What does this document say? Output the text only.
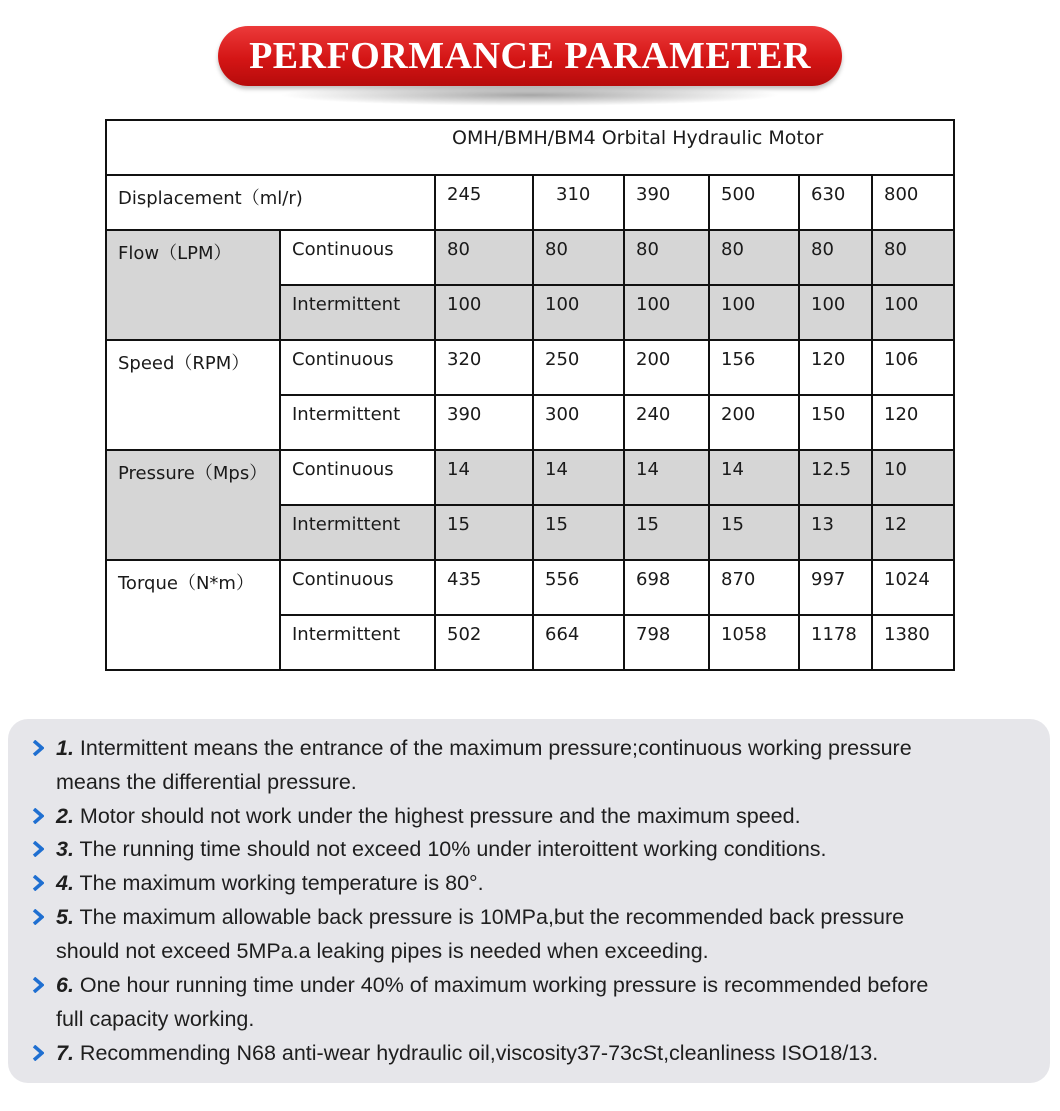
PERFORMANCE PARAMETER
OMH/BMH/BM4 Orbital Hydraulic Motor							

Displacement（ml/r)		245	310	390	500	630	800
Flow（LPM）	Continuous	80	80	80	80	80	80
	Intermittent	100	100	100	100	100	100
Speed（RPM）	Continuous	320	250	200	156	120	106
	Intermittent	390	300	240	200	150	120
Pressure（Mps）	Continuous	14	14	14	14	12.5	10
	Intermittent	15	15	15	15	13	12
Torque（N*m）	Continuous	435	556	698	870	997	1024
	Intermittent	502	664	798	1058	1178	1380
1. Intermittent means the entrance of the maximum pressure;continuous working pressure
means the differential pressure.
2. Motor should not work under the highest pressure and the maximum speed.
3. The running time should not exceed 10% under interoittent working conditions.
4. The maximum working temperature is 80°.
5. The maximum allowable back pressure is 10MPa,but the recommended back pressure
should not exceed 5MPa.a leaking pipes is needed when exceeding.
6. One hour running time under 40% of maximum working pressure is recommended before
full capacity working.
7. Recommending N68 anti-wear hydraulic oil,viscosity37-73cSt,cleanliness ISO18/13.
